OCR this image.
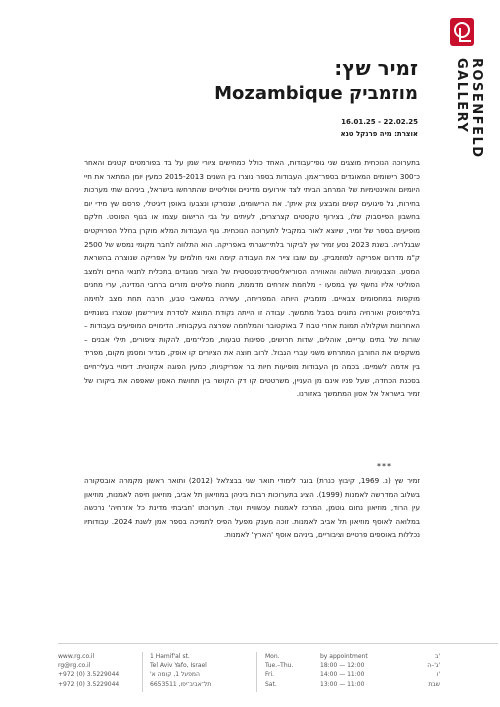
ROSENFELD
GALLERY
זמיר שץ:
מוזמביק Mozambique
16.01.25 - 22.02.25
אוצרת: מיה פרנקל טנא

בתערוכה הנוכחית מוצגים שני גופי־עבודות, האחד כולל כמחישים ציורי שמן על בד בפורמטים קטנים והאחר כ־300 רישומים המאוגדים בספר־אמן. העבודות בספר נוצרו בין השנים 2015-2013 כמעין יומן המתאר את חיי היומיום והאינטימיות של המרחב הביתי לצד אירועים מדיניים ופוליטיים שהתרחשו בישראל, ביניהם שתי מערכות בחירות, גל פיגועים קשים ומבצע צוק איתן'. את הרישומים, שנסרקו ונצבעו באופן דיגיטלי, פרסם שץ מידי יום בחשבון הפייסבוק שלו, בצירוף טקסטים קצרצרים, לעיתים על גבי הרישום עצמו או בגוף הפוסט. חלקם מופיעים בספר של זמיר, שיוצא לאור במקביל לתערוכה הנוכחית. גוף העבודות המלא מוקרן בחלל הפרויקטים שבגלריה. בשנת 2023 נסע זמיר שץ לביקור בלתי־שגרתי באפריקה. הוא התלווה לחבר מקומי נמסש של 2500 ק"מ מדרום אפריקה למוזמביק. עם שובו צייר את העבודה קימה ואני חולמים על אפריקה שנוצרה בהשראת המסע. הצבעוניות השלווה והאווירה הסוריאליסטית־פנטסטית של הציור מנוגדים בתכלית לתנאי החיים ולמצב הפוליטי אליו נחשף שץ במסעו - מלחמת אזרחים מדממת, מחנות פליטים מזרים ברחבי המדינה, ערי מחנים מוקפות במחסומים צבאיים. מזמביק היותה המפריחה, עשירה במשאבי טבע, חרבה תחת מצב לחימה בלתי־פוסק ואורחיה נתונים בסבל מתמשך. עבודה זו הייתה נקודת המוצא לסדרת ציורי־שמן שנוצרו בשנתיים האחרונות ושקלולה תמונת אחרי טבח 7 באוקטובר והמלחמה שפרצה בעקבותיו. הדימויים המופיעים בעבודות – שורות של בתים ערייים, אוהלים, שדות חרושים, ספינות טבעות, מכלי־מים, להקות ציפורים, תילי אבנים – משקפים את החורבן המתרחש משני עברי הגבול. לרוב חוצה את הציורים קו אופק, מגדיר ומסמן מקום, מפריד בין אדמה לשמיים. בכמה מן העבודות מופיעות חיות בר אפריקניות, כמעין הפוגה אקזוטית. דימויי בעלי־חיים בסכנת הכחדה, שעל פניו אינם מן העניין, משרטטים קו דק הקושר בין תחושת האסון שאפפה את ביקורו של זמיר בישראל אל אסון המתמשך באזורנו.

***

זמיר שץ (נ. 1969, קיבוץ כנרת) בוגר לימודי תואר שני בבצלאל (2012) ותואר ראשון מקמרה אובסקורה בשלוב המדרשה לאמנות (1999). הציג בתערוכות רבות ביניהן במוזיאון תל אביב, מוזיאון חיפה לאמנות, מוזיאון עין הרוד, מוזיאון נחום גוטמן, המרכז לאמנות עכשווית ועוד. תערוכתו 'חביבתי מדינת כל אזרחיה' נרכשה במלואה לאוסף מוזיאון תל אביב לאמנות. זוכה מענק מפעל הפיס לתמיכה בספר אמן לשנת 2024. עבודותיו נכללות באוספים פרטיים וציבוריים, ביניהם אוסף 'הארץ' לאמנות.

www.rg.co.il
rg@rg.co.il
+972 (0) 3.5229044
+972 (0) 3.5229044
1 Hamif'al st.
Tel Aviv Yafo, Israel
המפעל 1, קומה א'
תל־אביב־יפו, 6653511
Mon.	by appointment	ב'
Tue.–Thu.	18:00 — 12:00	ג'–ה'
Fri.	14:00 — 11:00	ו'
Sat.	13:00 — 11:00	שבת
